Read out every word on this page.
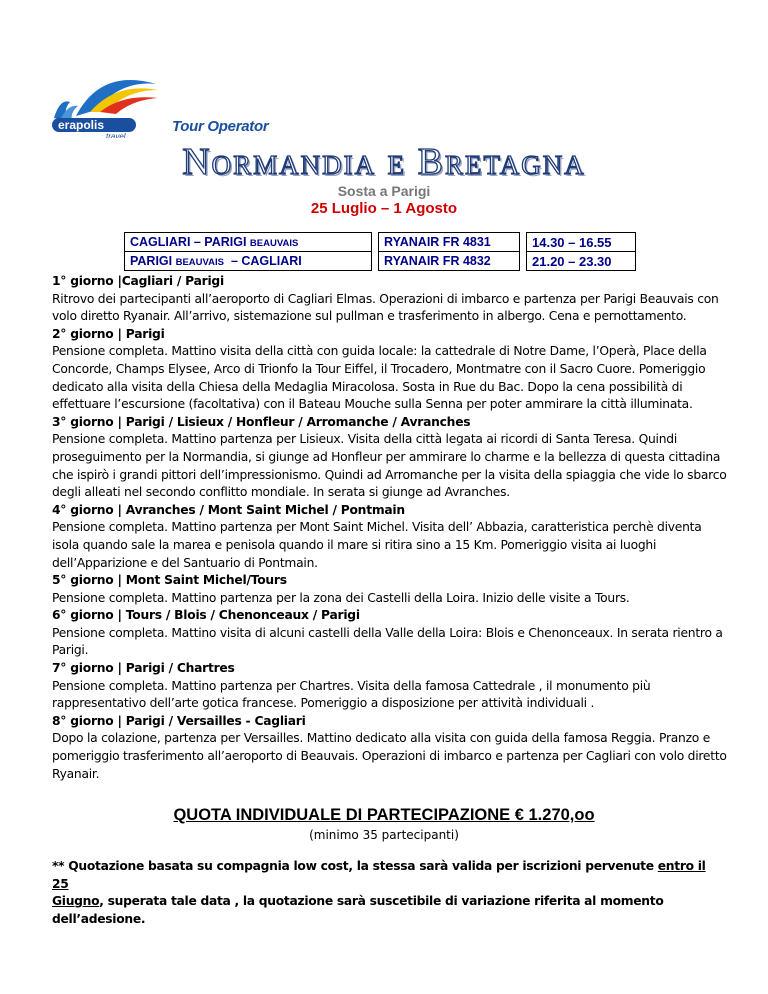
erapolis
travel
Tour Operator
Normandia e Bretagna
Sosta a Parigi
25 Luglio – 1 Agosto
CAGLIARI – PARIGI BEAUVAIS		RYANAIR FR 4831		14.30 – 16.55
PARIGI BEAUVAIS  – CAGLIARI		RYANAIR FR 4832		21.20 – 23.30
1° giorno |Cagliari / Parigi
Ritrovo dei partecipanti all’aeroporto di Cagliari Elmas. Operazioni di imbarco e partenza per Parigi Beauvais con volo diretto Ryanair. All’arrivo, sistemazione sul pullman e trasferimento in albergo. Cena e pernottamento.
2° giorno | Parigi
Pensione completa. Mattino visita della città con guida locale: la cattedrale di Notre Dame, l’Operà, Place della Concorde, Champs Elysee, Arco di Trionfo la Tour Eiffel, il Trocadero, Montmatre con il Sacro Cuore. Pomeriggio dedicato alla visita della Chiesa della Medaglia Miracolosa. Sosta in Rue du Bac. Dopo la cena possibilità di effettuare l’escursione (facoltativa) con il Bateau Mouche sulla Senna per poter ammirare la città illuminata.
3° giorno | Parigi / Lisieux / Honfleur / Arromanche / Avranches
Pensione completa. Mattino partenza per Lisieux. Visita della città legata ai ricordi di Santa Teresa. Quindi proseguimento per la Normandia, si giunge ad Honfleur per ammirare lo charme e la bellezza di questa cittadina che ispirò i grandi pittori dell’impressionismo. Quindi ad Arromanche per la visita della spiaggia che vide lo sbarco degli alleati nel secondo conflitto mondiale. In serata si giunge ad Avranches.
4° giorno | Avranches / Mont Saint Michel / Pontmain
Pensione completa. Mattino partenza per Mont Saint Michel. Visita dell’ Abbazia, caratteristica perchè diventa isola quando sale la marea e penisola quando il mare si ritira sino a 15 Km. Pomeriggio visita ai luoghi dell’Apparizione e del Santuario di Pontmain.
5° giorno | Mont Saint Michel/Tours
Pensione completa. Mattino partenza per la zona dei Castelli della Loira. Inizio delle visite a Tours.
6° giorno | Tours / Blois / Chenonceaux / Parigi
Pensione completa. Mattino visita di alcuni castelli della Valle della Loira: Blois e Chenonceaux. In serata rientro a Parigi.
7° giorno | Parigi / Chartres
Pensione completa. Mattino partenza per Chartres. Visita della famosa Cattedrale , il monumento più rappresentativo dell’arte gotica francese. Pomeriggio a disposizione per attività individuali .
8° giorno | Parigi / Versailles - Cagliari
Dopo la colazione, partenza per Versailles. Mattino dedicato alla visita con guida della famosa Reggia. Pranzo e pomeriggio trasferimento all’aeroporto di Beauvais. Operazioni di imbarco e partenza per Cagliari con volo diretto Ryanair.
QUOTA INDIVIDUALE DI PARTECIPAZIONE € 1.270,oo
(minimo 35 partecipanti)
** Quotazione basata su compagnia low cost, la stessa sarà valida per iscrizioni pervenute entro il 25
Giugno, superata tale data , la quotazione sarà suscetibile di variazione riferita al momento dell’adesione.
